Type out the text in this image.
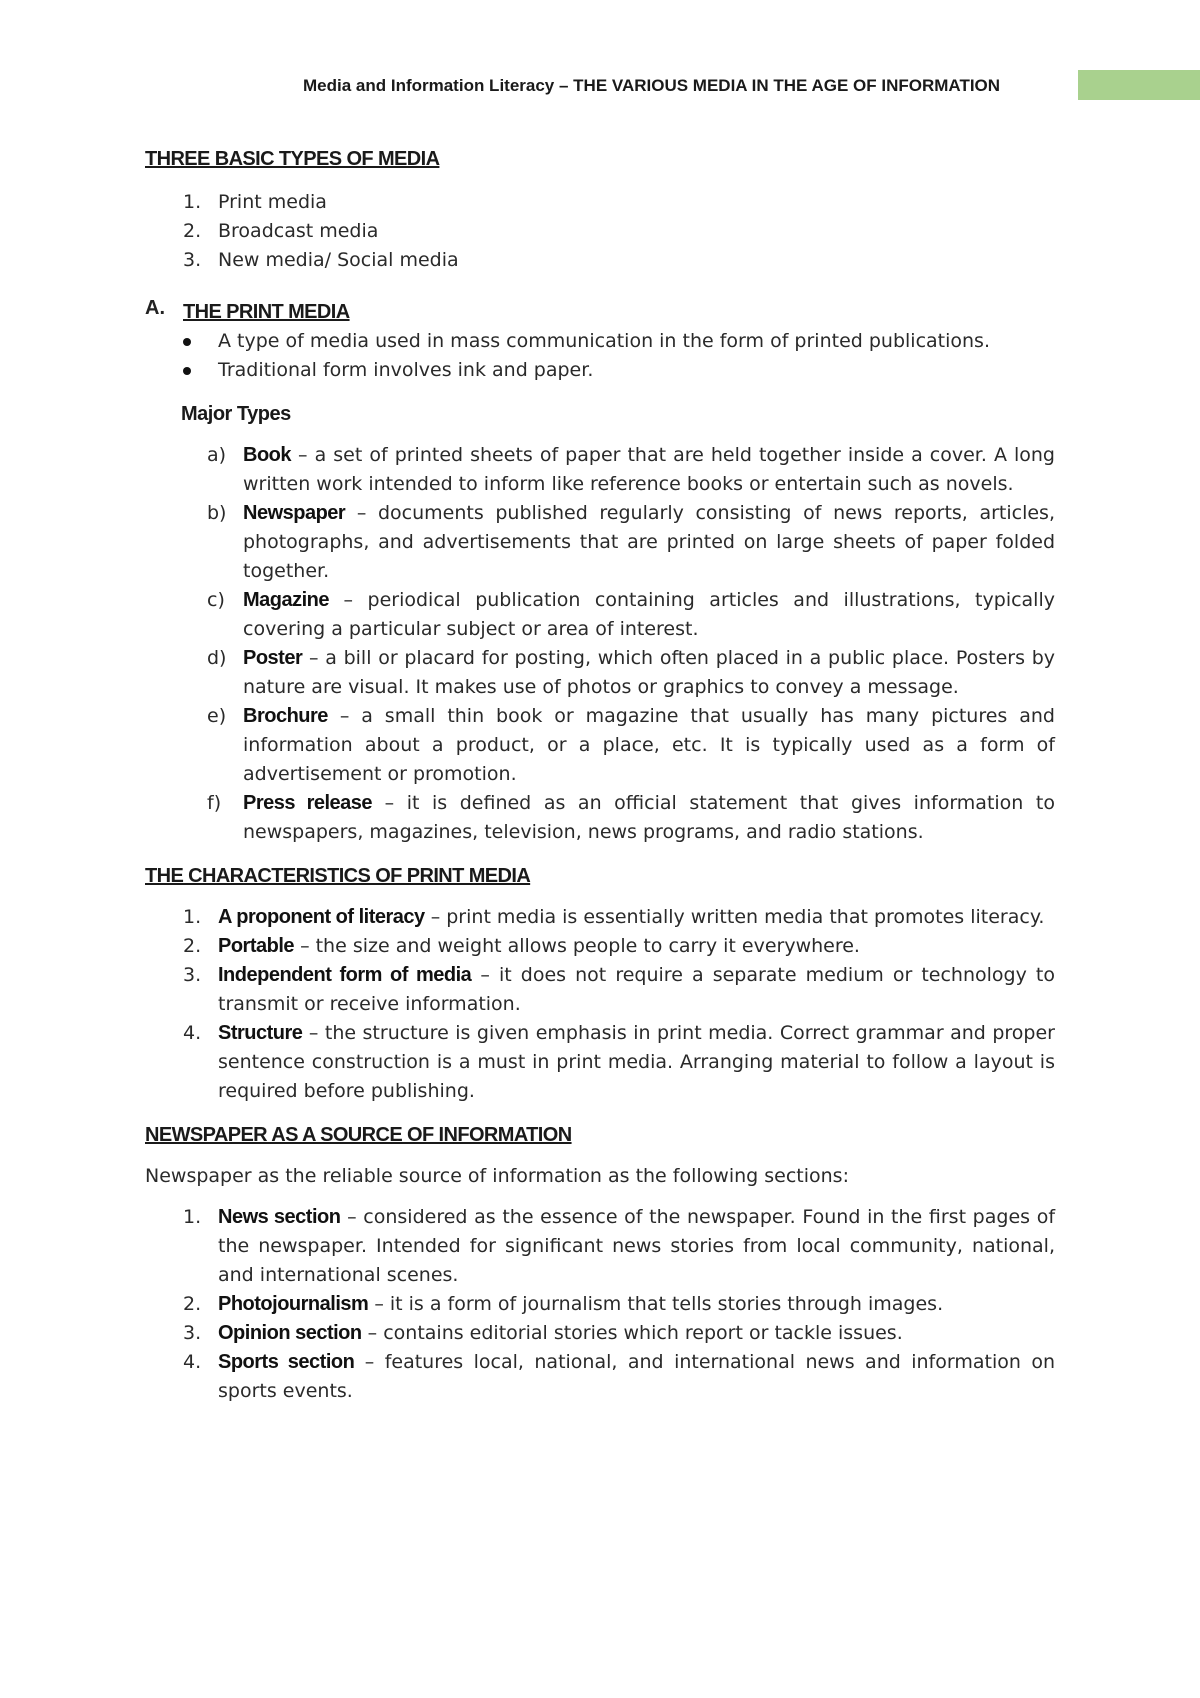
Media and Information Literacy – THE VARIOUS MEDIA IN THE AGE OF INFORMATION
THREE BASIC TYPES OF MEDIA
1. Print media
2. Broadcast media
3. New media/ Social media
A. THE PRINT MEDIA
A type of media used in mass communication in the form of printed publications.
Traditional form involves ink and paper.
Major Types
a) Book – a set of printed sheets of paper that are held together inside a cover. A long written work intended to inform like reference books or entertain such as novels.
b) Newspaper – documents published regularly consisting of news reports, articles, photographs, and advertisements that are printed on large sheets of paper folded together.
c) Magazine – periodical publication containing articles and illustrations, typically covering a particular subject or area of interest.
d) Poster – a bill or placard for posting, which often placed in a public place. Posters by nature are visual. It makes use of photos or graphics to convey a message.
e) Brochure – a small thin book or magazine that usually has many pictures and information about a product, or a place, etc. It is typically used as a form of advertisement or promotion.
f) Press release – it is defined as an official statement that gives information to newspapers, magazines, television, news programs, and radio stations.
THE CHARACTERISTICS OF PRINT MEDIA
1. A proponent of literacy – print media is essentially written media that promotes literacy.
2. Portable – the size and weight allows people to carry it everywhere.
3. Independent form of media – it does not require a separate medium or technology to transmit or receive information.
4. Structure – the structure is given emphasis in print media. Correct grammar and proper sentence construction is a must in print media. Arranging material to follow a layout is required before publishing.
NEWSPAPER AS A SOURCE OF INFORMATION
Newspaper as the reliable source of information as the following sections:
1. News section – considered as the essence of the newspaper. Found in the first pages of the newspaper. Intended for significant news stories from local community, national, and international scenes.
2. Photojournalism – it is a form of journalism that tells stories through images.
3. Opinion section – contains editorial stories which report or tackle issues.
4. Sports section – features local, national, and international news and information on sports events.
